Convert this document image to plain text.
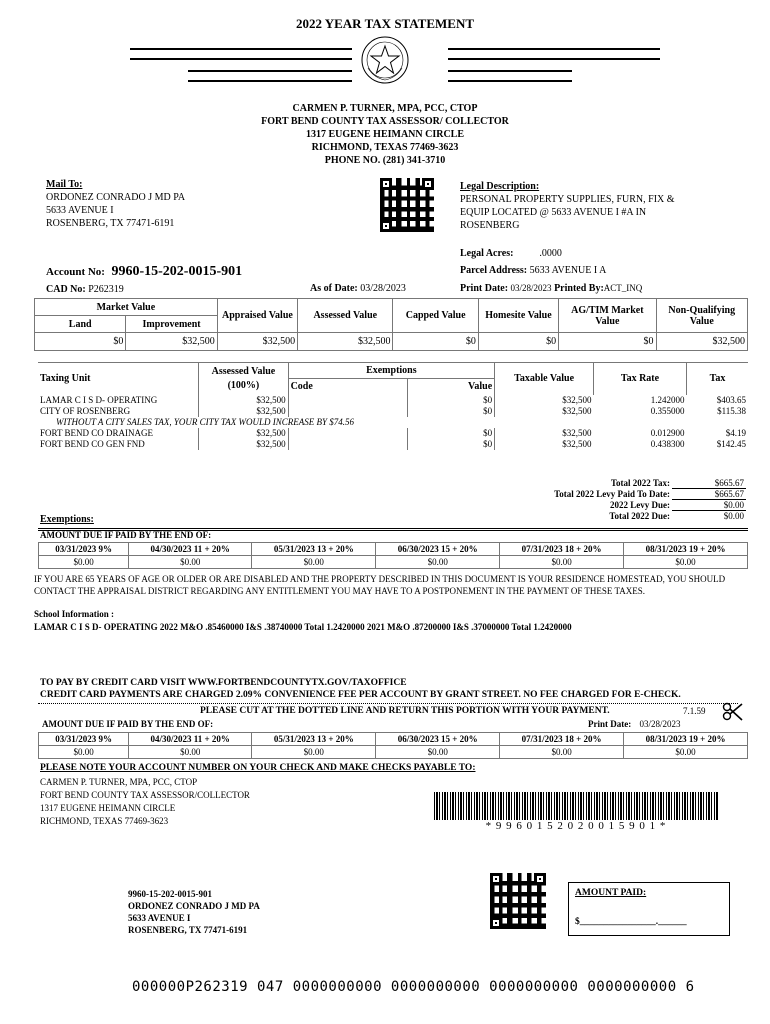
2022 YEAR TAX STATEMENT
CARMEN P. TURNER, MPA, PCC, CTOP
FORT BEND COUNTY TAX ASSESSOR/ COLLECTOR
1317 EUGENE HEIMANN CIRCLE
RICHMOND, TEXAS 77469-3623
PHONE NO. (281) 341-3710
Mail To:
ORDONEZ CONRADO J MD PA
5633 AVENUE I
ROSENBERG, TX 77471-6191
Legal Description:
PERSONAL PROPERTY SUPPLIES, FURN, FIX &
EQUIP LOCATED @ 5633 AVENUE I #A IN
ROSENBERG
Legal Acres:	.0000
Parcel Address: 5633 AVENUE I A
Print Date: 03/28/2023 Printed By:ACT_INQ
Account No: 9960-15-202-0015-901
CAD No: P262319	As of Date: 03/28/2023
Market Value		Appraised Value	Assessed Value	Capped Value	Homesite Value	AG/TIM Market Value	Non-Qualifying Value
Land	Improvement						
$0	$32,500	$32,500	$32,500	$0	$0	$0	$32,500
Taxing Unit	Assessed Value (100%)	Exemptions		Taxable Value	Tax Rate	Tax
		Code	Value			
LAMAR C I S D- OPERATING	$32,500		$0	$32,500	1.242000	$403.65
CITY OF ROSENBERG	$32,500		$0	$32,500	0.355000	$115.38
WITHOUT A CITY SALES TAX, YOUR CITY TAX WOULD INCREASE BY $74.56						
FORT BEND CO DRAINAGE	$32,500		$0	$32,500	0.012900	$4.19
FORT BEND CO GEN FND	$32,500		$0	$32,500	0.438300	$142.45
Total 2022 Tax:	$665.67
Total 2022 Levy Paid To Date:	$665.67
2022 Levy Due:	$0.00
Total 2022 Due:	$0.00
Exemptions:
AMOUNT DUE IF PAID BY THE END OF:
03/31/2023 9%	04/30/2023 11 + 20%	05/31/2023 13 + 20%	06/30/2023 15 + 20%	07/31/2023 18 + 20%	08/31/2023 19 + 20%
$0.00	$0.00	$0.00	$0.00	$0.00	$0.00
IF YOU ARE 65 YEARS OF AGE OR OLDER OR ARE DISABLED AND THE PROPERTY DESCRIBED IN THIS DOCUMENT IS YOUR RESIDENCE HOMESTEAD, YOU SHOULD CONTACT THE APPRAISAL DISTRICT REGARDING ANY ENTITLEMENT YOU MAY HAVE TO A POSTPONEMENT IN THE PAYMENT OF THESE TAXES.
School Information :
LAMAR C I S D- OPERATING 2022 M&O .85460000 I&S .38740000 Total 1.2420000 2021 M&O .87200000 I&S .37000000 Total 1.2420000
TO PAY BY CREDIT CARD VISIT WWW.FORTBENDCOUNTYTX.GOV/TAXOFFICE
CREDIT CARD PAYMENTS ARE CHARGED 2.09% CONVENIENCE FEE PER ACCOUNT BY GRANT STREET. NO FEE CHARGED FOR E-CHECK.
PLEASE CUT AT THE DOTTED LINE AND RETURN THIS PORTION WITH YOUR PAYMENT.	7.1.59
AMOUNT DUE IF PAID BY THE END OF:	Print Date: 03/28/2023
03/31/2023 9%	04/30/2023 11 + 20%	05/31/2023 13 + 20%	06/30/2023 15 + 20%	07/31/2023 18 + 20%	08/31/2023 19 + 20%
$0.00	$0.00	$0.00	$0.00	$0.00	$0.00
PLEASE NOTE YOUR ACCOUNT NUMBER ON YOUR CHECK AND MAKE CHECKS PAYABLE TO:
CARMEN P. TURNER, MPA, PCC, CTOP
FORT BEND COUNTY TAX ASSESSOR/COLLECTOR
1317 EUGENE HEIMANN CIRCLE
RICHMOND, TEXAS 77469-3623	* 9 9 6 0 1 5 2 0 2 0 0 1 5 9 0 1 *
9960-15-202-0015-901
ORDONEZ CONRADO J MD PA
5633 AVENUE I
ROSENBERG, TX 77471-6191
AMOUNT PAID:
$________________.______
000000P262319 047 0000000000 0000000000 0000000000 0000000000 6
